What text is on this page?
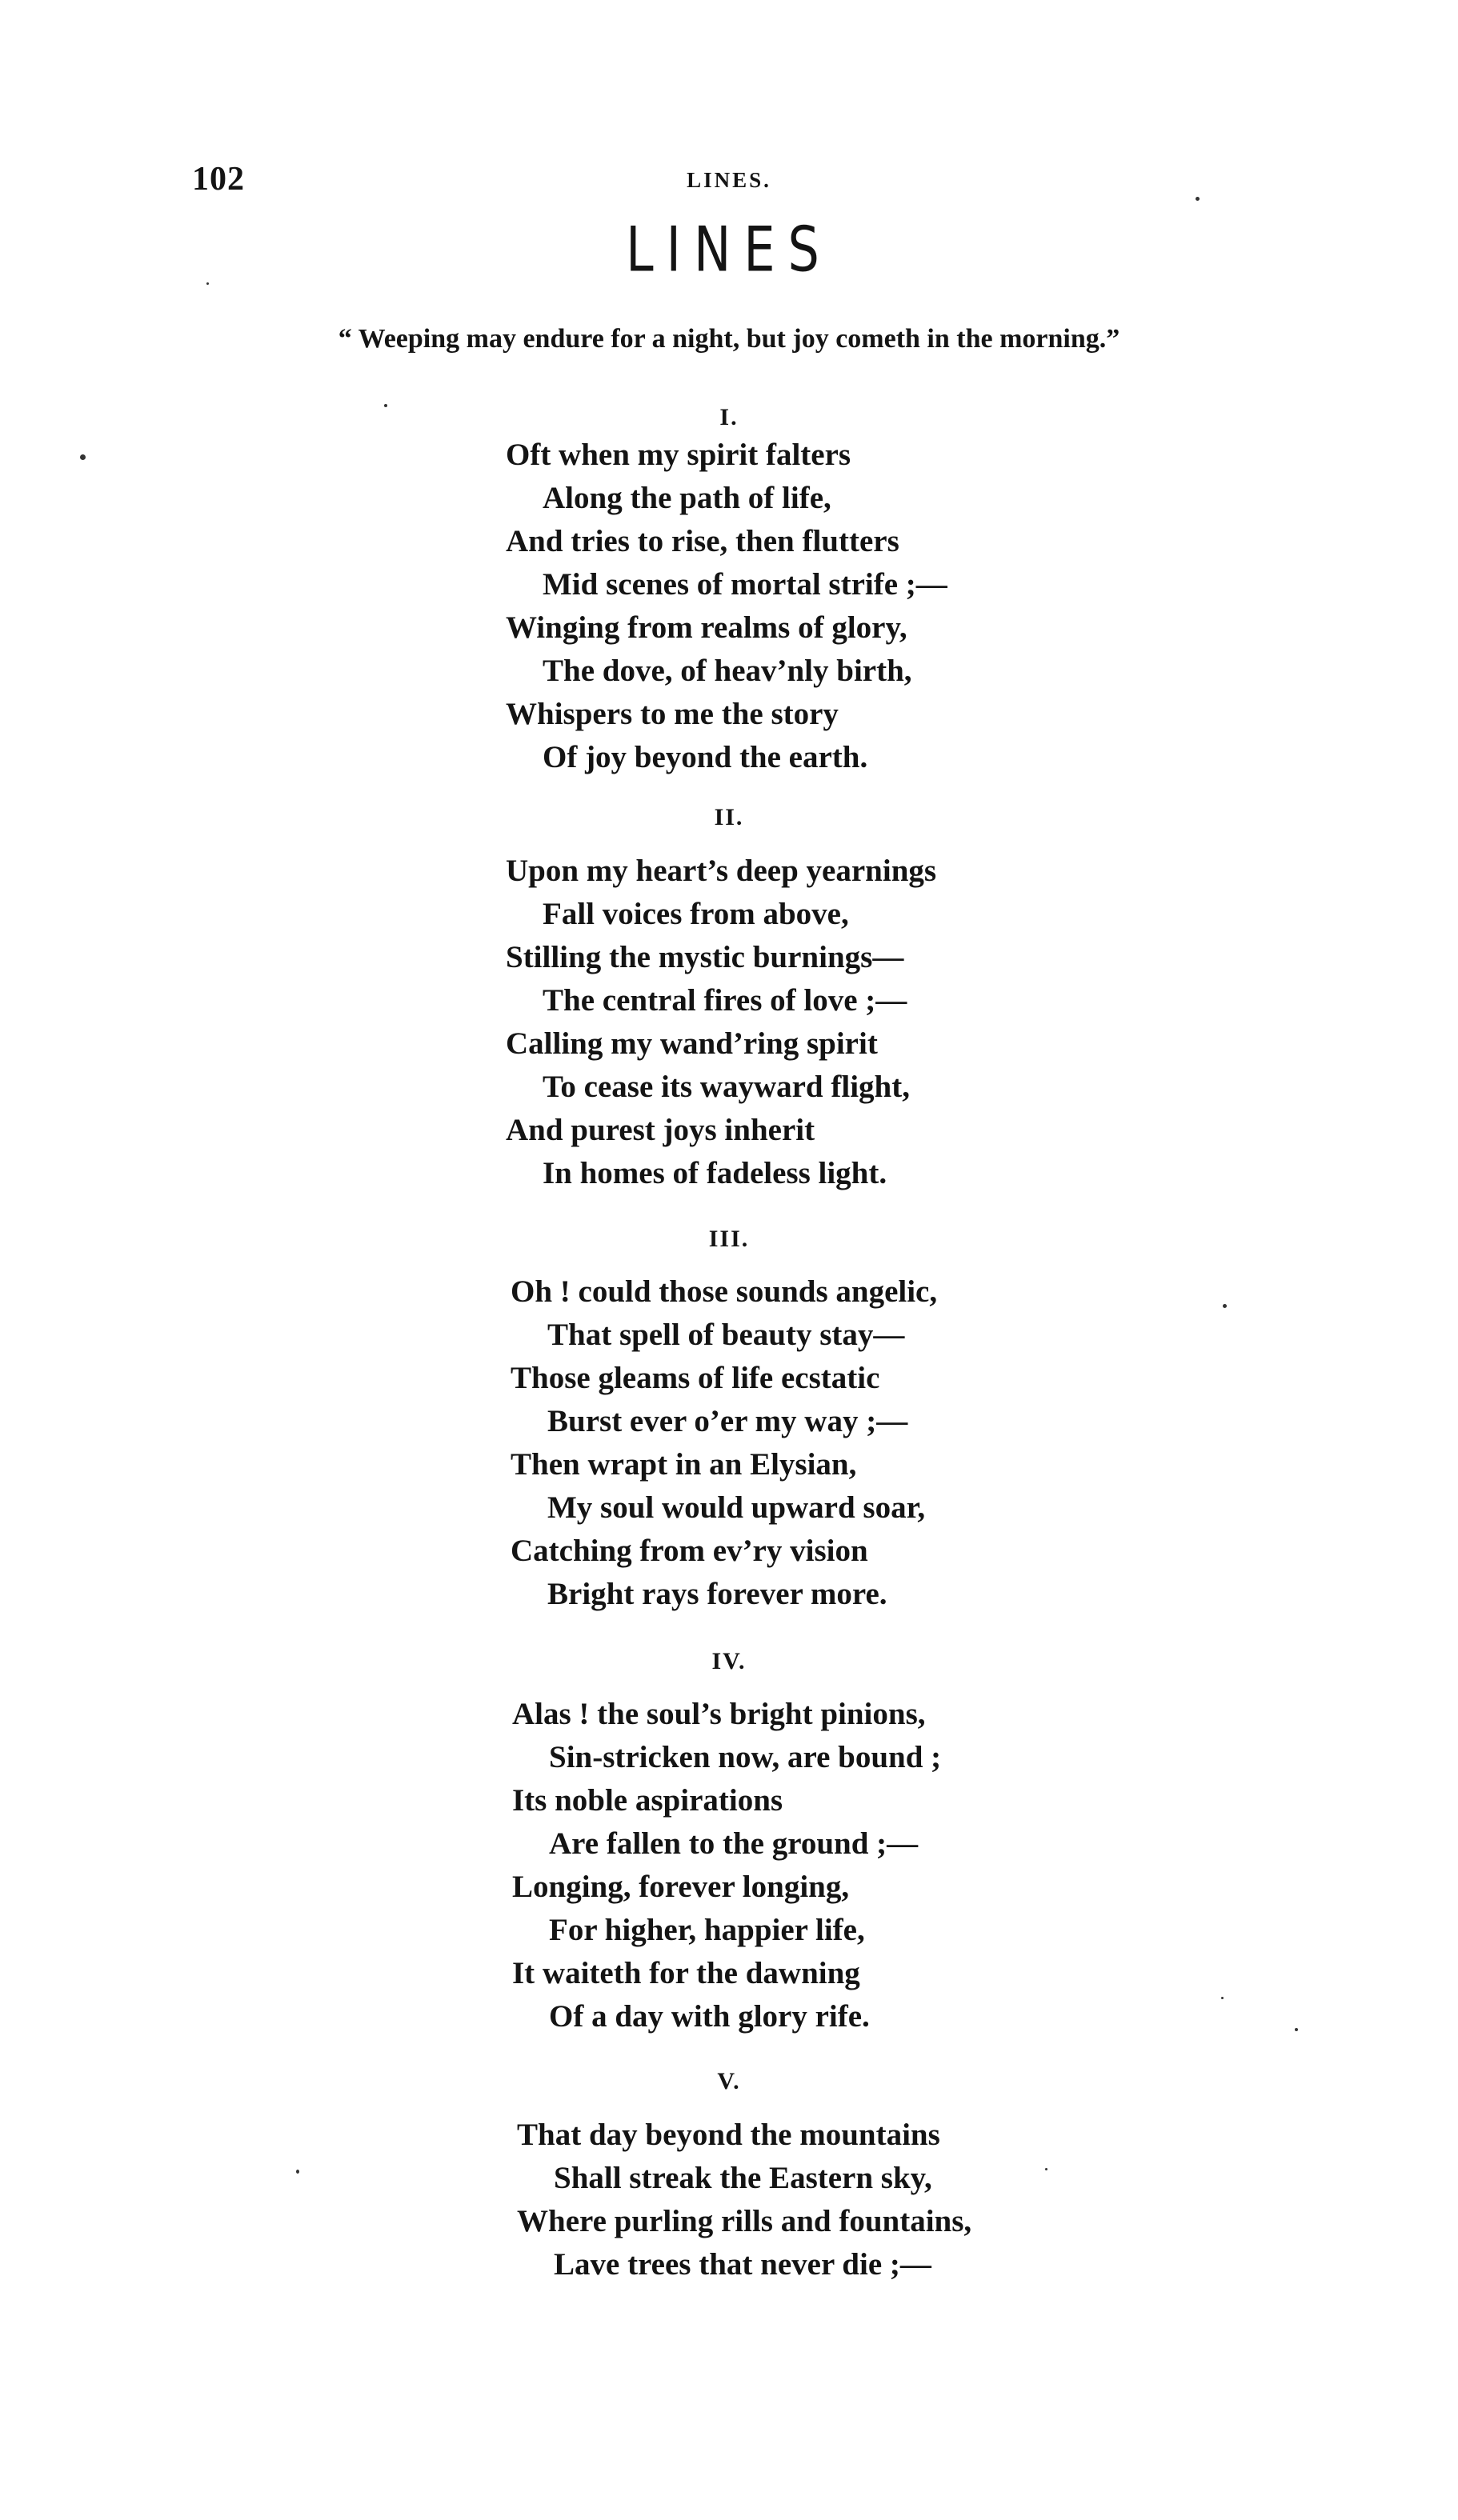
102	LINES.
LINES
“ Weeping may endure for a night, but joy cometh in the morning.”
I.
Oft when my spirit falters
Along the path of life,
And tries to rise, then flutters
Mid scenes of mortal strife ;—
Winging from realms of glory,
The dove, of heav’nly birth,
Whispers to me the story
Of joy beyond the earth.
II.
Upon my heart’s deep yearnings
Fall voices from above,
Stilling the mystic burnings—
The central fires of love ;—
Calling my wand’ring spirit
To cease its wayward flight,
And purest joys inherit
In homes of fadeless light.
III.
Oh ! could those sounds angelic,
That spell of beauty stay—
Those gleams of life ecstatic
Burst ever o’er my way ;—
Then wrapt in an Elysian,
My soul would upward soar,
Catching from ev’ry vision
Bright rays forever more.
IV.
Alas ! the soul’s bright pinions,
Sin-stricken now, are bound ;
Its noble aspirations
Are fallen to the ground ;—
Longing, forever longing,
For higher, happier life,
It waiteth for the dawning
Of a day with glory rife.
V.
That day beyond the mountains
Shall streak the Eastern sky,
Where purling rills and fountains,
Lave trees that never die ;—
